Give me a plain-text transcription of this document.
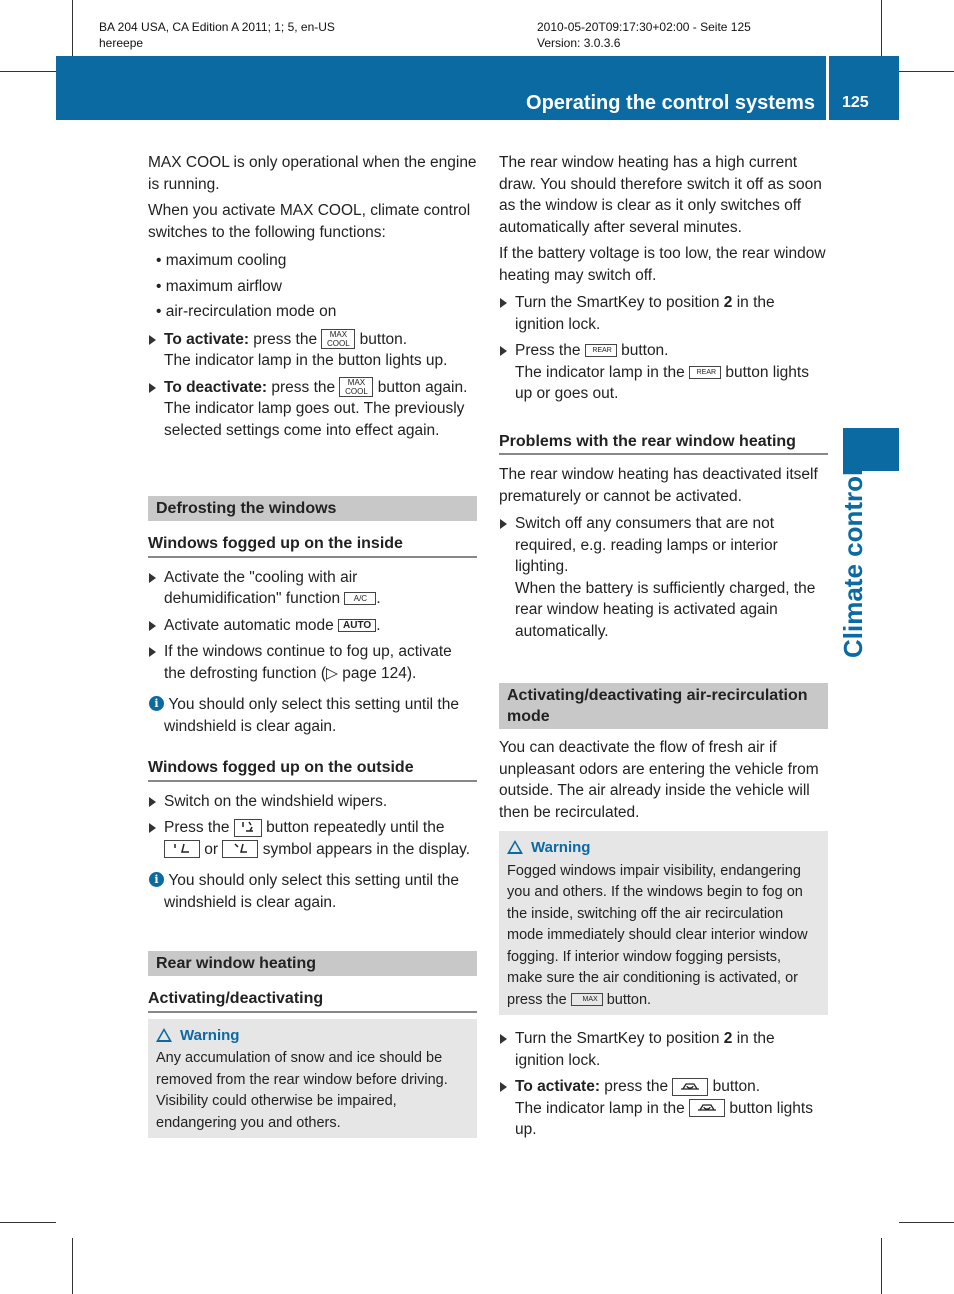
BA 204 USA, CA Edition A 2011; 1; 5, en-US
hereepe
2010-05-20T09:17:30+02:00 - Seite 125
Version: 3.0.3.6
Operating the control systems 125
Climate control

MAX COOL is only operational when the engine is running.

When you activate MAX COOL, climate control switches to the following functions:

• maximum cooling
• maximum airflow
• air-recirculation mode on
To activate: press the MAX COOL button.
The indicator lamp in the button lights up.
To deactivate: press the MAX COOL button again.
The indicator lamp goes out. The previously selected settings come into effect again.
Defrosting the windows
Windows fogged up on the inside
Activate the "cooling with air dehumidification" function A/C .
Activate automatic mode AUTO .
If the windows continue to fog up, activate the defrosting function (▷ page 124).
i You should only select this setting until the windshield is clear again.
Windows fogged up on the outside
Switch on the windshield wipers.
Press the  button repeatedly until the  or  symbol appears in the display.
i You should only select this setting until the windshield is clear again.
Rear window heating
Activating/deactivating
Warning
Any accumulation of snow and ice should be removed from the rear window before driving. Visibility could otherwise be impaired, endangering you and others.

The rear window heating has a high current draw. You should therefore switch it off as soon as the window is clear as it only switches off automatically after several minutes.

If the battery voltage is too low, the rear window heating may switch off.

Turn the SmartKey to position 2 in the ignition lock.
Press the REAR button.
The indicator lamp in the REAR button lights up or goes out.
Problems with the rear window heating

The rear window heating has deactivated itself prematurely or cannot be activated.

Switch off any consumers that are not required, e.g. reading lamps or interior lighting.
When the battery is sufficiently charged, the rear window heating is activated again automatically.
Activating/deactivating air-recirculation mode

You can deactivate the flow of fresh air if unpleasant odors are entering the vehicle from outside. The air already inside the vehicle will then be recirculated.

Warning
Fogged windows impair visibility, endangering you and others. If the windows begin to fog on the inside, switching off the air recirculation mode immediately should clear interior window fogging. If interior window fogging persists, make sure the air conditioning is activated, or press the MAX button.
Turn the SmartKey to position 2 in the ignition lock.
To activate: press the  button.
The indicator lamp in the  button lights up.
